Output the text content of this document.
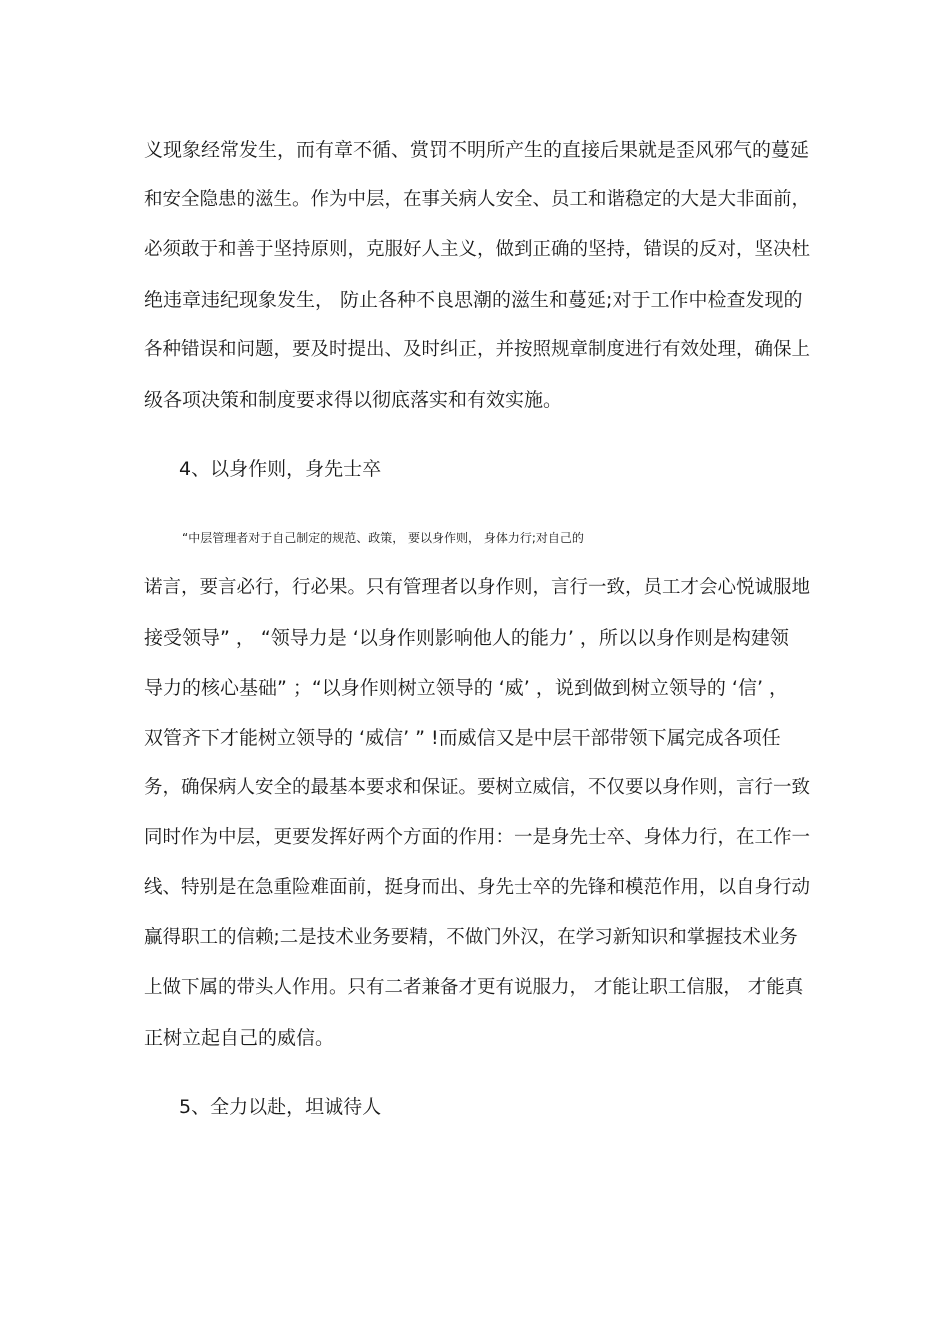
义现象经常发生，而有章不循、赏罚不明所产生的直接后果就是歪风邪气的蔓延
和安全隐患的滋生。作为中层，在事关病人安全、员工和谐稳定的大是大非面前，
必须敢于和善于坚持原则，克服好人主义，做到正确的坚持，错误的反对，坚决杜
绝违章违纪现象发生， 防止各种不良思潮的滋生和蔓延;对于工作中检查发现的
各种错误和问题，要及时提出、及时纠正，并按照规章制度进行有效处理，确保上
级各项决策和制度要求得以彻底落实和有效实施。
4、以身作则，身先士卒
“中层管理者对于自己制定的规范、政策， 要以身作则， 身体力行;对自己的
诺言，要言必行，行必果。只有管理者以身作则，言行一致，员工才会心悦诚服地
接受领导” ， “领导力是 ‘以身作则影响他人的能力’ ，所以以身作则是构建领
导力的核心基础” ；“以身作则树立领导的 ‘威’ ，说到做到树立领导的 ‘信’ ，
双管齐下才能树立领导的 ‘威信’ ” !而威信又是中层干部带领下属完成各项任
务，确保病人安全的最基本要求和保证。要树立威信，不仅要以身作则，言行一致
同时作为中层，更要发挥好两个方面的作用：一是身先士卒、身体力行，在工作一
线、特别是在急重险难面前，挺身而出、身先士卒的先锋和模范作用，以自身行动
赢得职工的信赖;二是技术业务要精，不做门外汉，在学习新知识和掌握技术业务
上做下属的带头人作用。只有二者兼备才更有说服力， 才能让职工信服， 才能真
正树立起自己的威信。
5、全力以赴，坦诚待人
